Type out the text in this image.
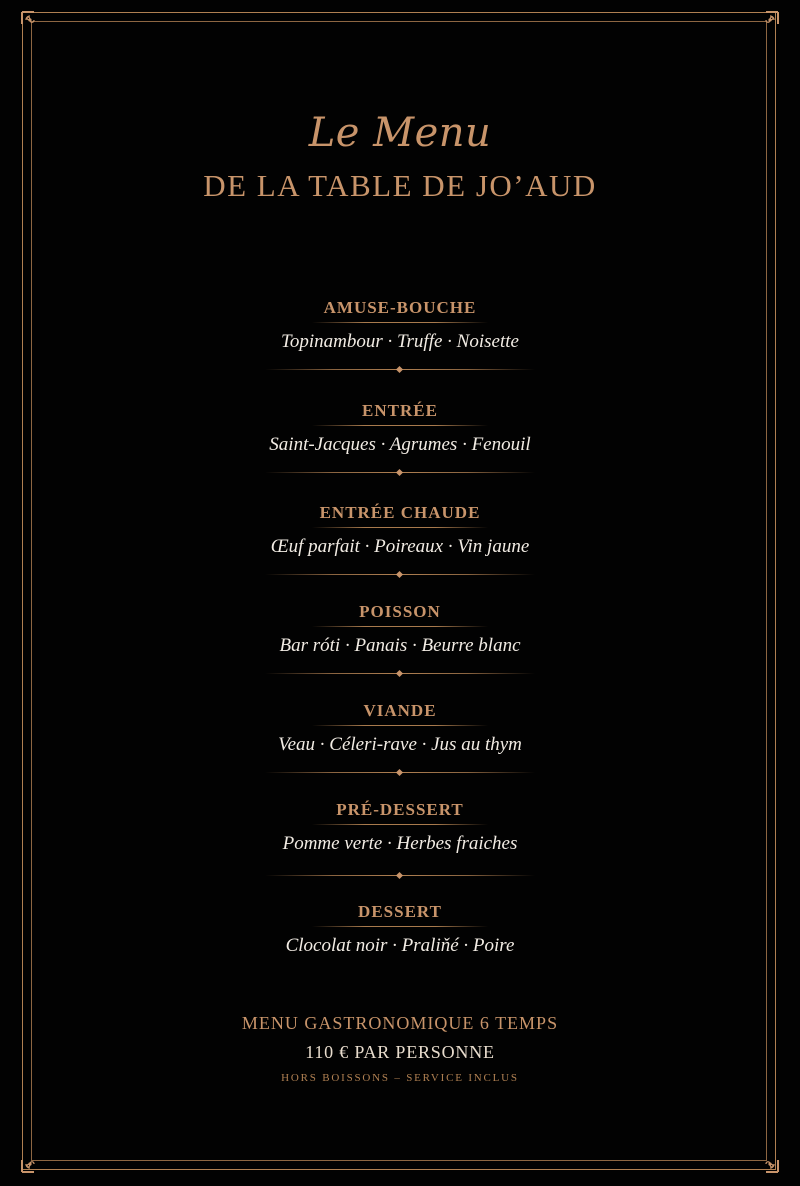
Le Menu
DE LA TABLE DE JO’AUD
AMUSE-BOUCHE
Topinambour · Truffe · Noisette
ENTRÉE
Saint-Jacques · Agrumes · Fenouil
ENTRÉE CHAUDE
Œuf parfait · Poireaux · Vin jaune
POISSON
Bar róti · Panais · Beurre blanc
VIANDE
Veau · Céleri-rave · Jus au thym
PRÉ-DESSERT
Pomme verte · Herbes fraiches
DESSERT
Clocolat noir · Praliňé · Poire
MENU GASTRONOMIQUE 6 TEMPS
110 € PAR PERSONNE
HORS BOISSONS – SERVICE INCLUS
